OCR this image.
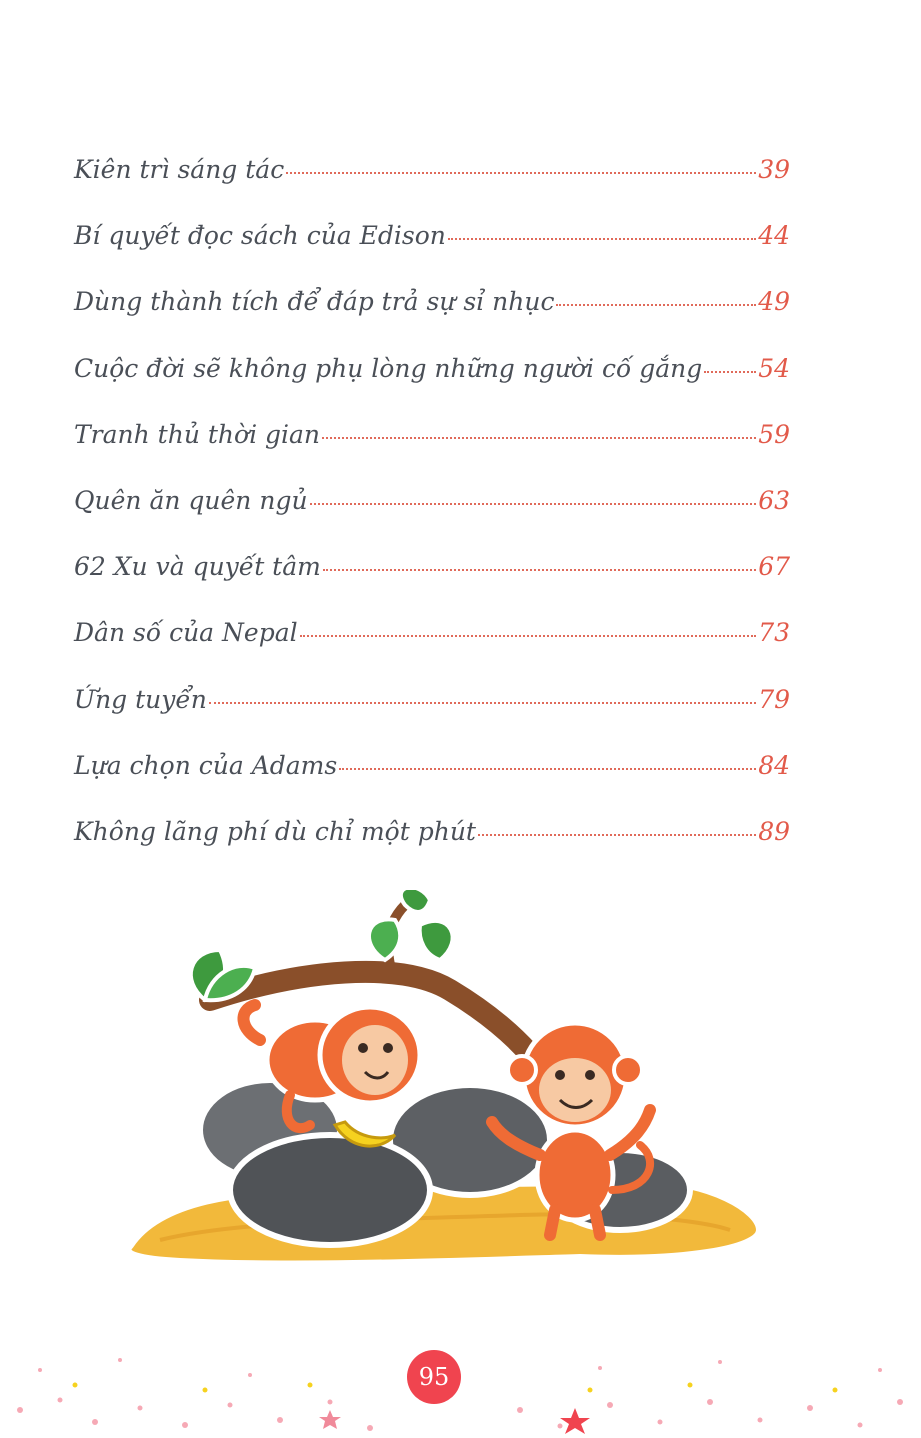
Kiên trì sáng tác	39
Bí quyết đọc sách của Edison	44
Dùng thành tích để đáp trả sự sỉ nhục	49
Cuộc đời sẽ không phụ lòng những người cố gắng 54
Tranh thủ thời gian	59
Quên ăn quên ngủ	63
62 Xu và quyết tâm	67
Dân số của Nepal	73
Ứng tuyển	79
Lựa chọn của Adams	84
Không lãng phí dù chỉ một phút	89
95
